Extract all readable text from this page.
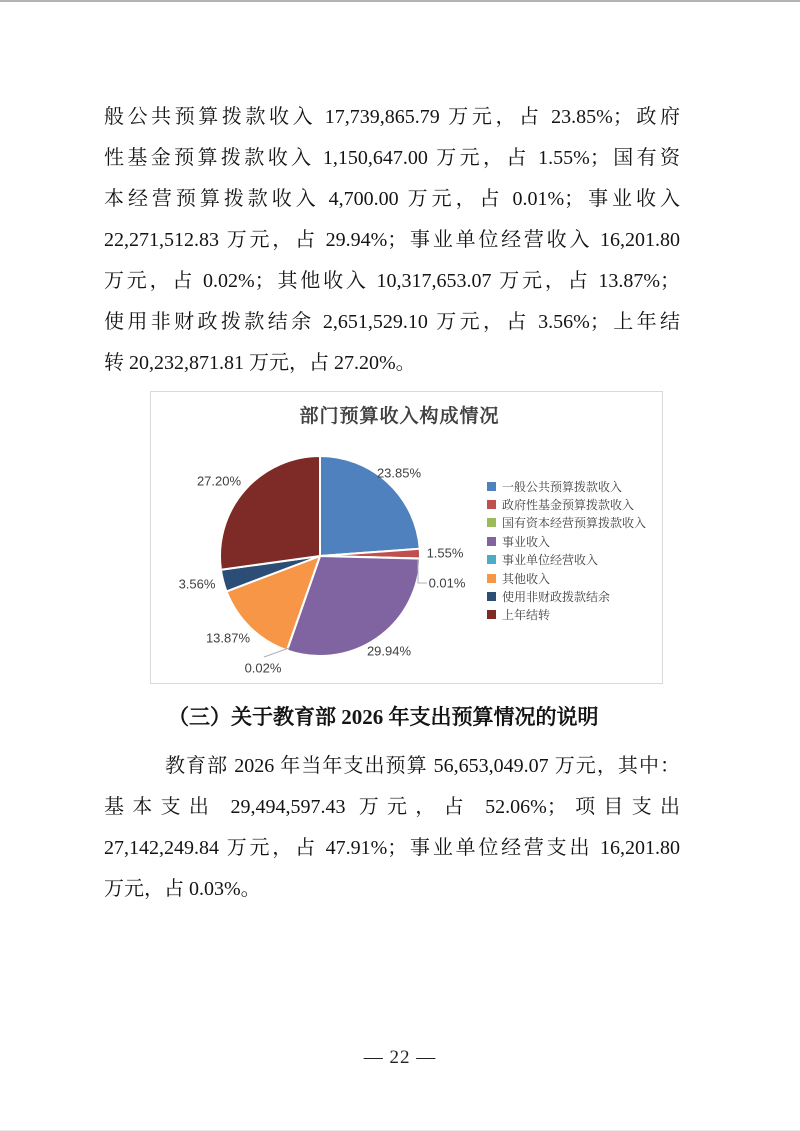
般公共预算拨款收入 17,739,865.79 万元，占 23.85%；政府
性基金预算拨款收入 1,150,647.00 万元，占 1.55%；国有资
本经营预算拨款收入 4,700.00 万元，占 0.01%；事业收入
22,271,512.83 万元，占 29.94%；事业单位经营收入 16,201.80
万元，占 0.02%；其他收入 10,317,653.07 万元，占 13.87%；
使用非财政拨款结余 2,651,529.10 万元，占 3.56%；上年结
转 20,232,871.81 万元，占 27.20%。
部门预算收入构成情况
23.85%
1.55%
0.01%
29.94%
0.02%
13.87%
3.56%
27.20%	一般公共预算拨款收入
政府性基金预算拨款收入
国有资本经营预算拨款收入
事业收入
事业单位经营收入
其他收入
使用非财政拨款结余
上年结转
（三）关于教育部 2026 年支出预算情况的说明
教育部 2026 年当年支出预算 56,653,049.07 万元，其中：
基本支出 29,494,597.43 万元，占 52.06%；项目支出
27,142,249.84 万元，占 47.91%；事业单位经营支出 16,201.80
万元，占 0.03%。
— 22 —
